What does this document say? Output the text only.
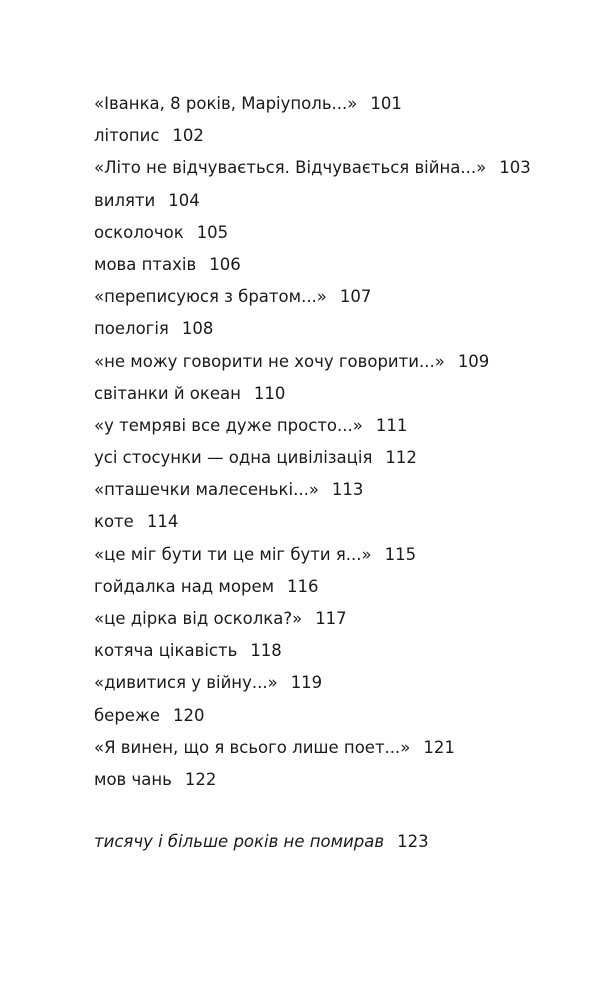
«Іванка, 8 років, Маріуполь...» 101
літопис 102
«Літо не відчувається. Відчувається війна...» 103
виляти 104
осколочок 105
мова птахів 106
«переписуюся з братом...» 107
поелогія 108
«не можу говорити не хочу говорити...» 109
світанки й океан 110
«у темряві все дуже просто...» 111
усі стосунки — одна цивілізація 112
«пташечки малесенькі...» 113
коте 114
«це міг бути ти це міг бути я...» 115
гойдалка над морем 116
«це дірка від осколка?» 117
котяча цікавість 118
«дивитися у війну...» 119
береже 120
«Я винен, що я всього лише поет...» 121
мов чань 122
тисячу і більше років не помирав 123
